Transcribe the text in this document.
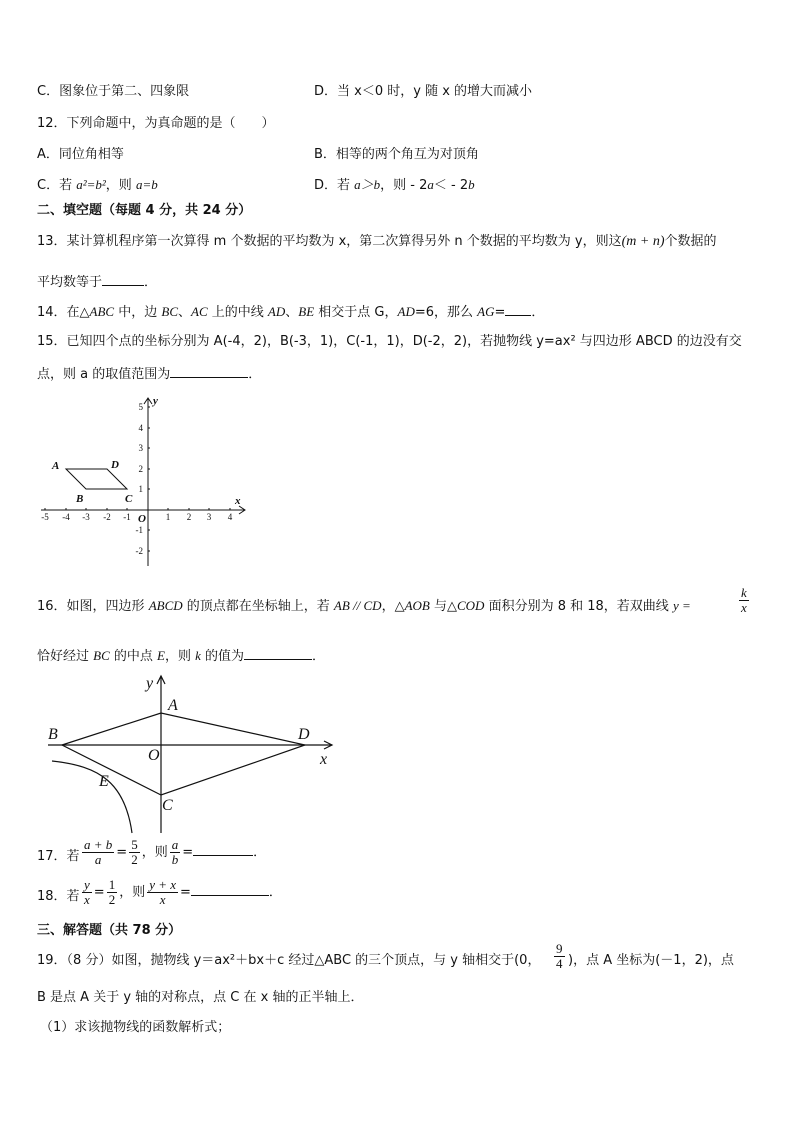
C．图象位于第二、四象限	D．当 x＜0 时，y 随 x 的增大而减小
12．下列命题中，为真命题的是（　　）
A．同位角相等	B．相等的两个角互为对顶角
C．若 a²=b²，则 a=b	D．若 a＞b，则 - 2a＜ - 2b
二、填空题（每题 4 分，共 24 分）
13．某计算机程序第一次算得 m 个数据的平均数为 x，第二次算得另外 n 个数据的平均数为 y，则这(m + n)个数据的
平均数等于	．
14．在△ABC 中，边 BC、AC 上的中线 AD、BE 相交于点 G，AD=6，那么 AG= ．
15．已知四个点的坐标分别为 A(-4，2)，B(-3，1)，C(-1，1)，D(-2，2)，若抛物线 y=ax² 与四边形 ABCD 的边没有交
点，则 a 的取值范围为	．
-5 -4 -3 -2 -1	1 2 3 4
5
4
3
2
1
-1
-2
x
y
O
A
B	C
D
16．如图，四边形 ABCD 的顶点都在坐标轴上，若 AB // CD，△AOB 与△COD 面积分别为 8 和 18，若双曲线 y =	$\frac{k}{x}$
恰好经过 BC 的中点 E，则 k 的值为	．
y
x
A
B	D
O
E
C
17．若 $\frac{a + b}{a} = \frac{5}{2}$ ，则 $\frac{a}{b}$ =	．
18．若 $\frac{y}{x} = \frac{1}{2}$ ，则 $\frac{y + x}{x}$ =	．
三、解答题（共 78 分）
19．（8 分）如图，抛物线 y＝ax²＋bx＋c 经过△ABC 的三个顶点，与 y 轴相交于(0， $\frac{9}{4}$ )，点 A 坐标为(－1，2)，点
B 是点 A 关于 y 轴的对称点，点 C 在 x 轴的正半轴上．
（1）求该抛物线的函数解析式；
